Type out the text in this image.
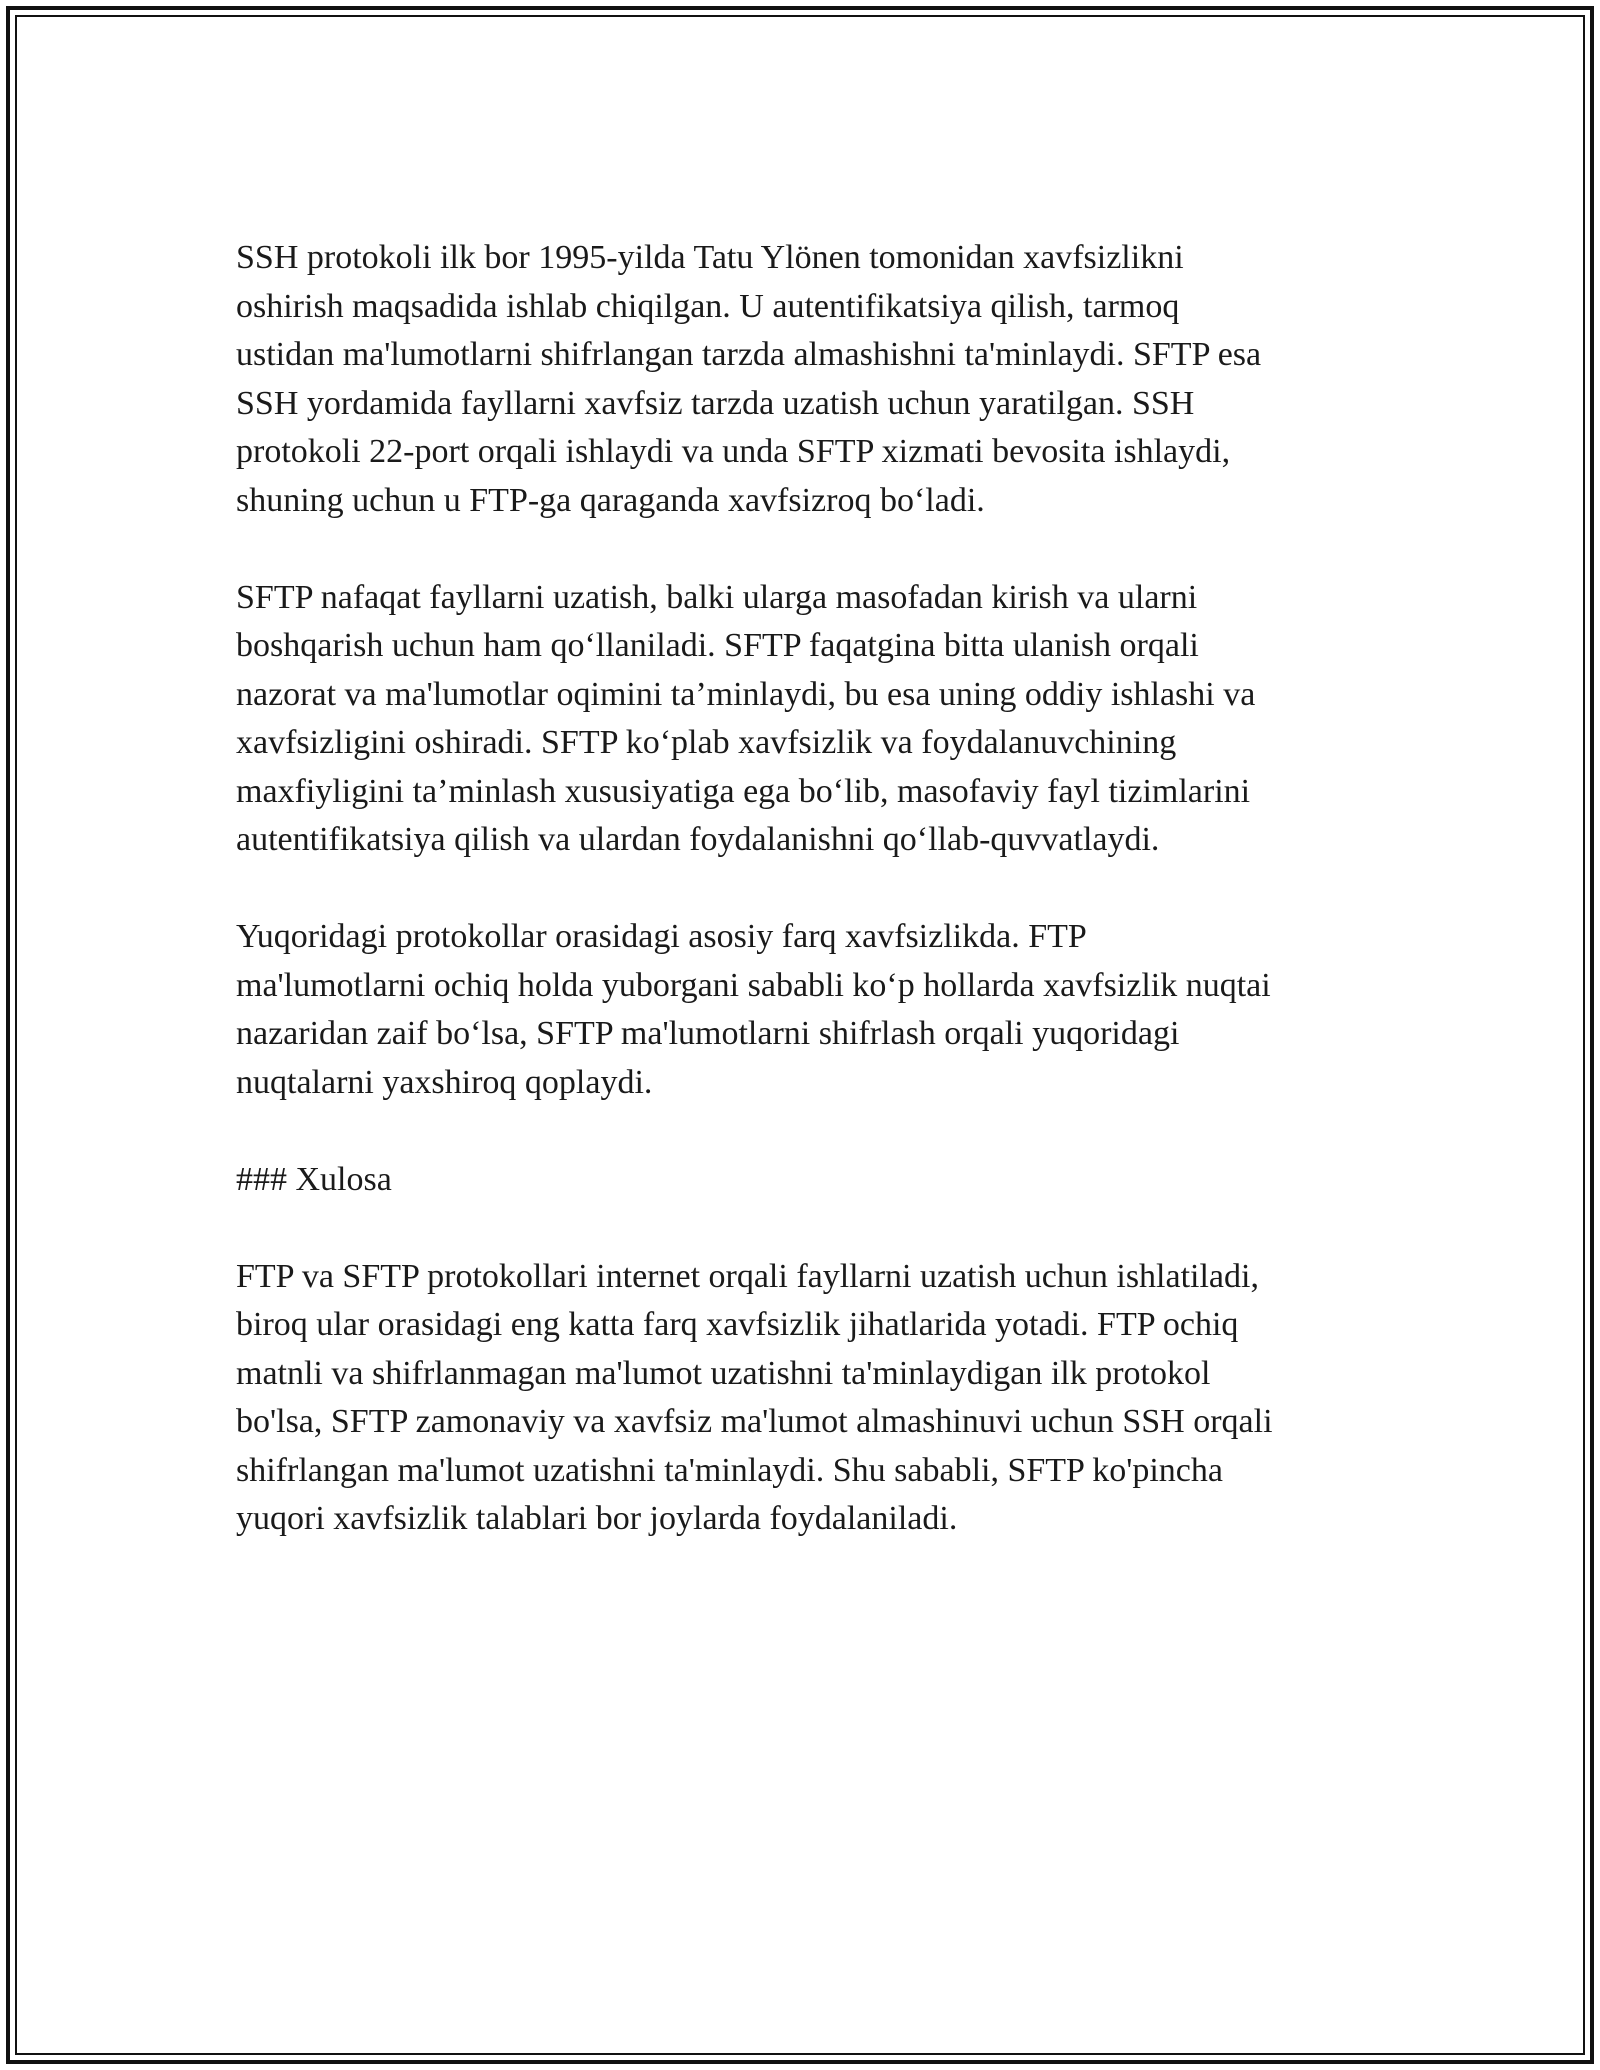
SSH protokoli ilk bor 1995-yilda Tatu Ylönen tomonidan xavfsizlikni
oshirish maqsadida ishlab chiqilgan. U autentifikatsiya qilish, tarmoq
ustidan ma'lumotlarni shifrlangan tarzda almashishni ta'minlaydi. SFTP esa
SSH yordamida fayllarni xavfsiz tarzda uzatish uchun yaratilgan. SSH
protokoli 22-port orqali ishlaydi va unda SFTP xizmati bevosita ishlaydi,
shuning uchun u FTP-ga qaraganda xavfsizroq boʻladi.

SFTP nafaqat fayllarni uzatish, balki ularga masofadan kirish va ularni
boshqarish uchun ham qoʻllaniladi. SFTP faqatgina bitta ulanish orqali
nazorat va ma'lumotlar oqimini ta’minlaydi, bu esa uning oddiy ishlashi va
xavfsizligini oshiradi. SFTP koʻplab xavfsizlik va foydalanuvchining
maxfiyligini ta’minlash xususiyatiga ega boʻlib, masofaviy fayl tizimlarini
autentifikatsiya qilish va ulardan foydalanishni qoʻllab-quvvatlaydi.

Yuqoridagi protokollar orasidagi asosiy farq xavfsizlikda. FTP
ma'lumotlarni ochiq holda yuborgani sababli koʻp hollarda xavfsizlik nuqtai
nazaridan zaif boʻlsa, SFTP ma'lumotlarni shifrlash orqali yuqoridagi
nuqtalarni yaxshiroq qoplaydi.

### Xulosa

FTP va SFTP protokollari internet orqali fayllarni uzatish uchun ishlatiladi,
biroq ular orasidagi eng katta farq xavfsizlik jihatlarida yotadi. FTP ochiq
matnli va shifrlanmagan ma'lumot uzatishni ta'minlaydigan ilk protokol
bo'lsa, SFTP zamonaviy va xavfsiz ma'lumot almashinuvi uchun SSH orqali
shifrlangan ma'lumot uzatishni ta'minlaydi. Shu sababli, SFTP ko'pincha
yuqori xavfsizlik talablari bor joylarda foydalaniladi.
